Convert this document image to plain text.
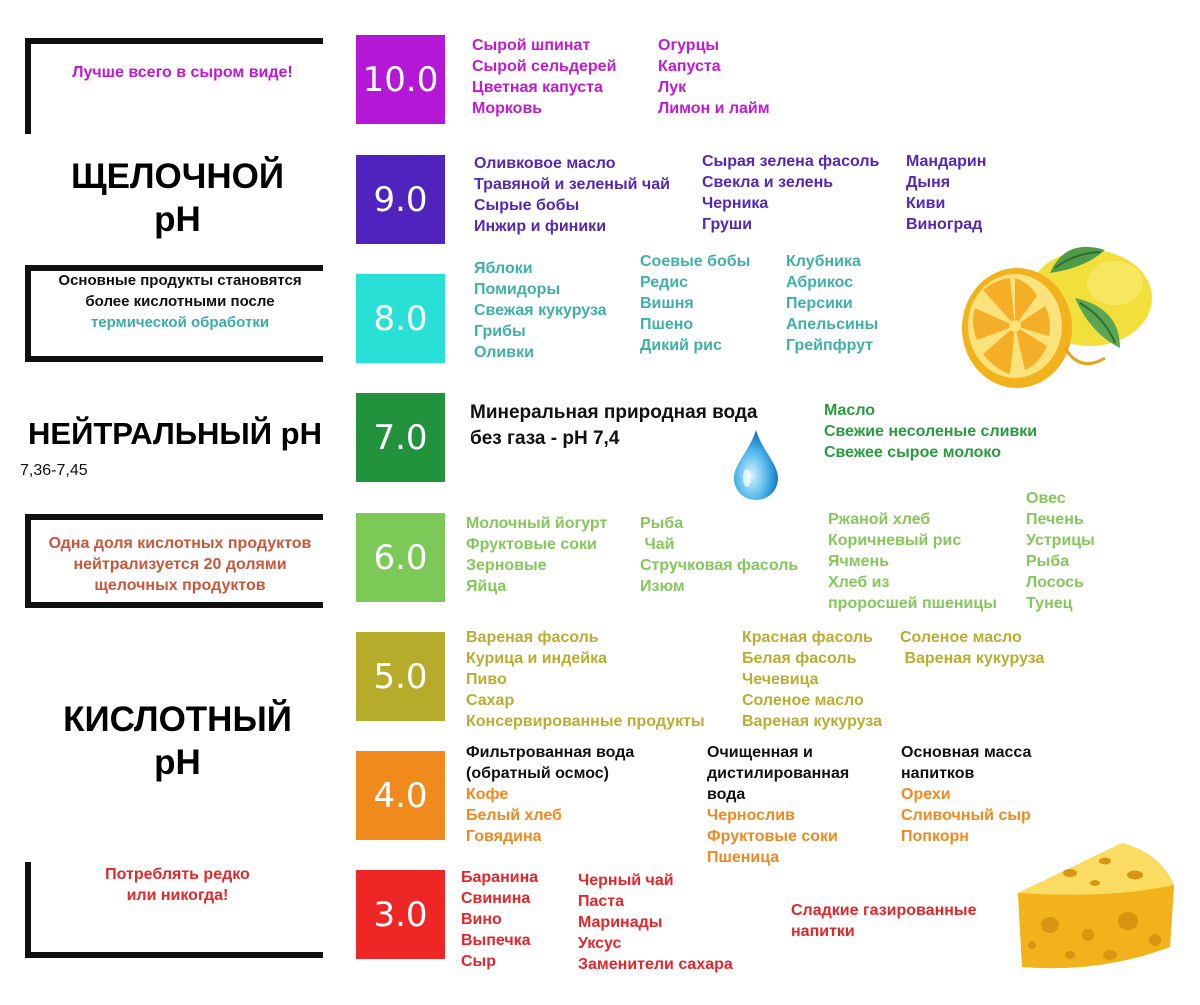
Лучше всего в сыром виде!
ЩЕЛОЧНОЙ
pH
Основные продукты становятся
более кислотными после
термической обработки
НЕЙТРАЛЬНЫЙ pH
7,36-7,45
Одна доля кислотных продуктов
нейтрализуется 20 долями
щелочных продуктов
КИСЛОТНЫЙ
pH
Потреблять редко
или никогда!
10.0
9.0
8.0
7.0
6.0
5.0
4.0
3.0
Сырой шпинат
Сырой сельдерей
Цветная капуста
Морковь
Огурцы
Капуста
Лук
Лимон и лайм
Оливковое масло
Травяной и зеленый чай
Сырые бобы
Инжир и финики
Сырая зелена фасоль
Свекла и зелень
Черника
Груши
Мандарин
Дыня
Киви
Виноград
Яблоки
Помидоры
Свежая кукуруза
Грибы
Оливки
Соевые бобы
Редис
Вишня
Пшено
Дикий рис
Клубника
Абрикос
Персики
Апельсины
Грейпфрут
Минеральная природная вода
без газа - pH 7,4
Масло
Свежие несоленые сливки
Свежее сырое молоко
Молочный йогурт
Фруктовые соки
Зерновые
Яйца
Рыба
Чай
Стручковая фасоль
Изюм
Ржаной хлеб
Коричневый рис
Ячмень
Хлеб из
проросшей пшеницы
Овес
Печень
Устрицы
Рыба
Лосось
Тунец
Вареная фасоль
Курица и индейка
Пиво
Сахар
Консервированные продукты
Красная фасоль
Белая фасоль
Чечевица
Соленое масло
Вареная кукуруза
Соленое масло
Вареная кукуруза
Фильтрованная вода
(обратный осмос)
Кофе
Белый хлеб
Говядина
Очищенная и
дистилированная
вода
Чернослив
Фруктовые соки
Пшеница
Основная масса
напитков
Орехи
Сливочный сыр
Попкорн
Баранина
Свинина
Вино
Выпечка
Сыр
Черный чай
Паста
Маринады
Уксус
Заменители сахара
Сладкие газированные
напитки
